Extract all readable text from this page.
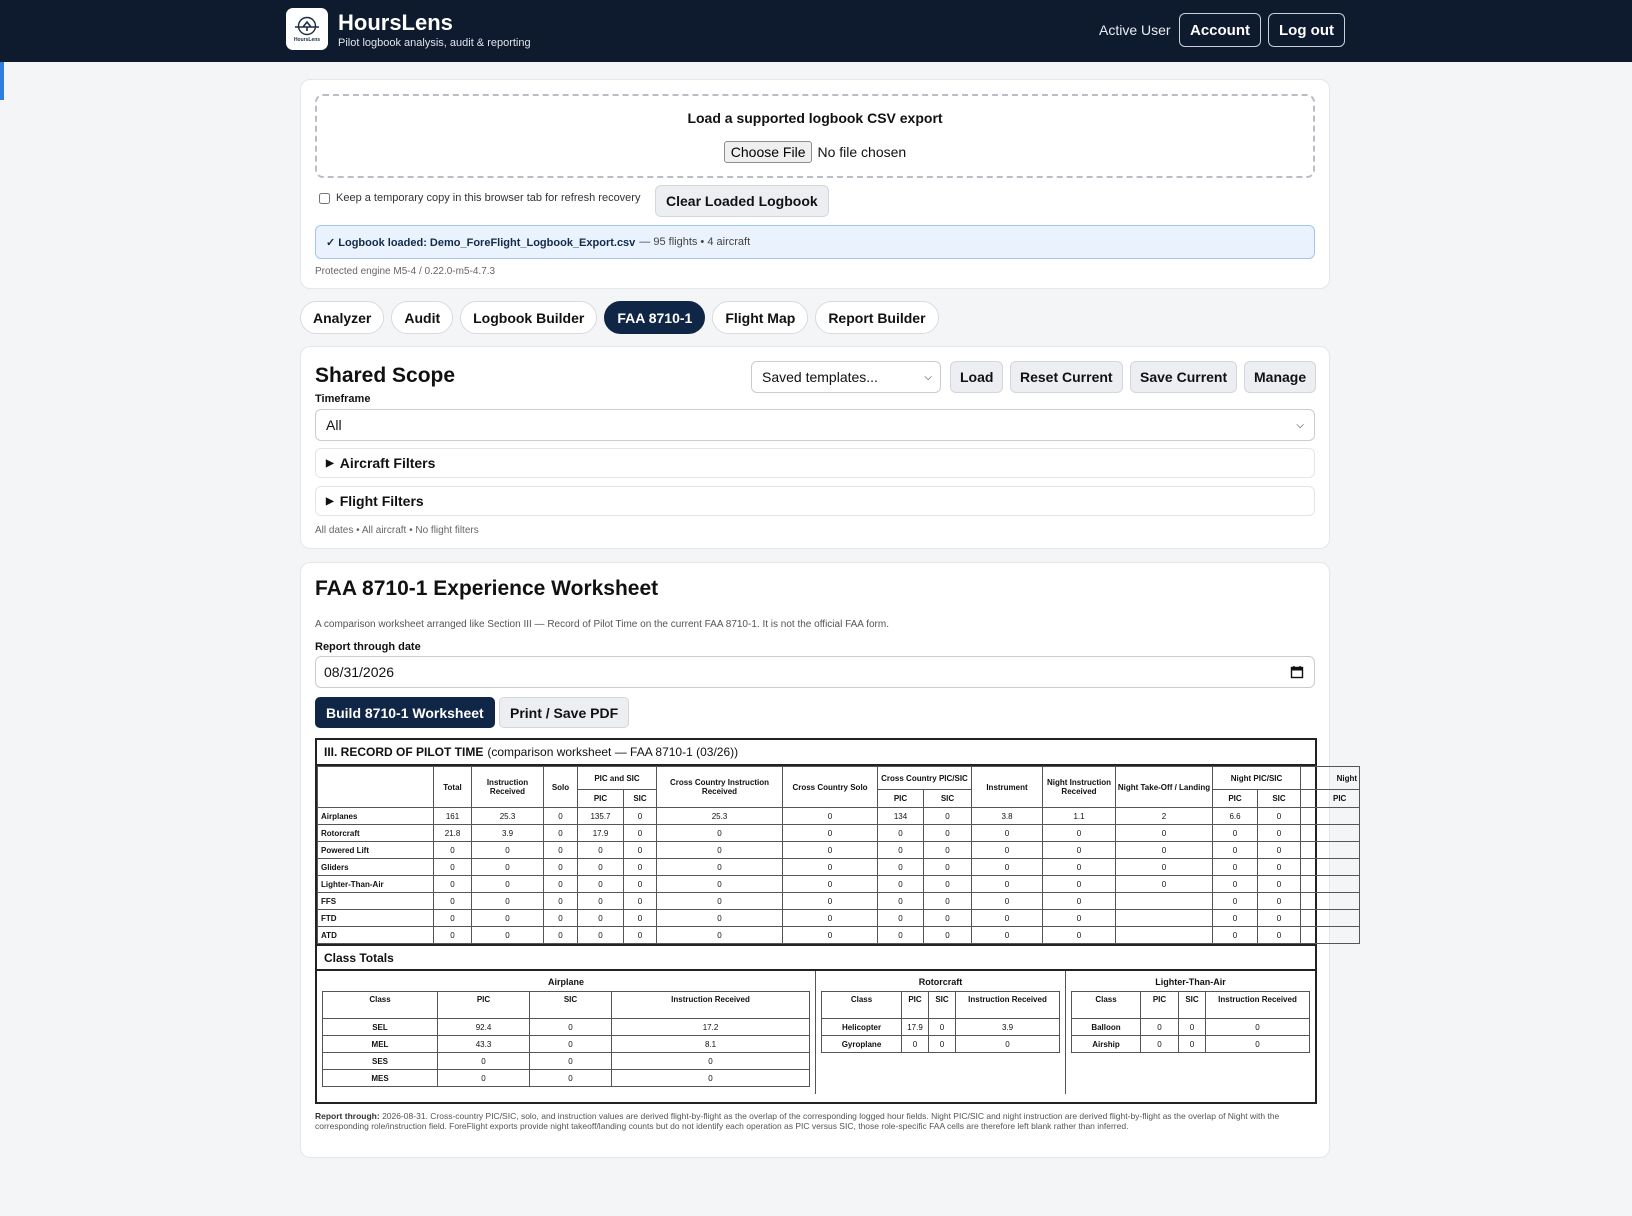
HoursLens
HoursLens
Pilot logbook analysis, audit & reporting
Active User	Account	Log out
Load a supported logbook CSV export
Choose File No file chosen
Keep a temporary copy in this browser tab for refresh recovery	Clear Loaded Logbook
✓ Logbook loaded: Demo_ForeFlight_Logbook_Export.csv — 95 flights • 4 aircraft
Protected engine M5-4 / 0.22.0-m5-4.7.3
Analyzer	Audit	Logbook Builder	FAA 8710-1	Flight Map	Report Builder
Shared Scope	Saved templates...	⌵	Load	Reset Current	Save Current	Manage
Timeframe
All	⌵
▶ Aircraft Filters
▶ Flight Filters
All dates • All aircraft • No flight filters
FAA 8710-1 Experience Worksheet
A comparison worksheet arranged like Section III — Record of Pilot Time on the current FAA 8710-1. It is not the official FAA form.
Report through date
08/31/2026
Build 8710-1 Worksheet	Print / Save PDF
III. RECORD OF PILOT TIME (comparison worksheet — FAA 8710-1 (03/26))
	Total	Instruction Received	Solo	PIC and SIC		Cross Country Instruction Received	Cross Country Solo	Cross Country PIC/SIC		Instrument	Night Instruction Received	Night Take-Off / Landing	Night PIC/SIC		Night
				PIC	SIC			PIC	SIC				PIC	SIC	PIC
Airplanes	161	25.3	0	135.7	0	25.3	0	134	0	3.8	1.1	2	6.6	0	
Rotorcraft	21.8	3.9	0	17.9	0	0	0	0	0	0	0	0	0	0	
Powered Lift	0	0	0	0	0	0	0	0	0	0	0	0	0	0	
Gliders	0	0	0	0	0	0	0	0	0	0	0	0	0	0	
Lighter-Than-Air	0	0	0	0	0	0	0	0	0	0	0	0	0	0	
FFS	0	0	0	0	0	0	0	0	0	0	0		0	0	
FTD	0	0	0	0	0	0	0	0	0	0	0		0	0	
ATD	0	0	0	0	0	0	0	0	0	0	0		0	0	
Class Totals
Airplane
Class	PIC	SIC	Instruction Received
SEL	92.4	0	17.2
MEL	43.3	0	8.1
SES	0	0	0
MES	0	0	0
Rotorcraft
Class	PIC	SIC	Instruction Received
Helicopter	17.9	0	3.9
Gyroplane	0	0	0
Lighter-Than-Air
Class	PIC	SIC	Instruction Received
Balloon	0	0	0
Airship	0	0	0
Report through: 2026-08-31. Cross-country PIC/SIC, solo, and instruction values are derived flight-by-flight as the overlap of the corresponding logged hour fields. Night PIC/SIC and night instruction are derived flight-by-flight as the overlap of Night with the corresponding role/instruction field. ForeFlight exports provide night takeoff/landing counts but do not identify each operation as PIC versus SIC, those role-specific FAA cells are therefore left blank rather than inferred.
